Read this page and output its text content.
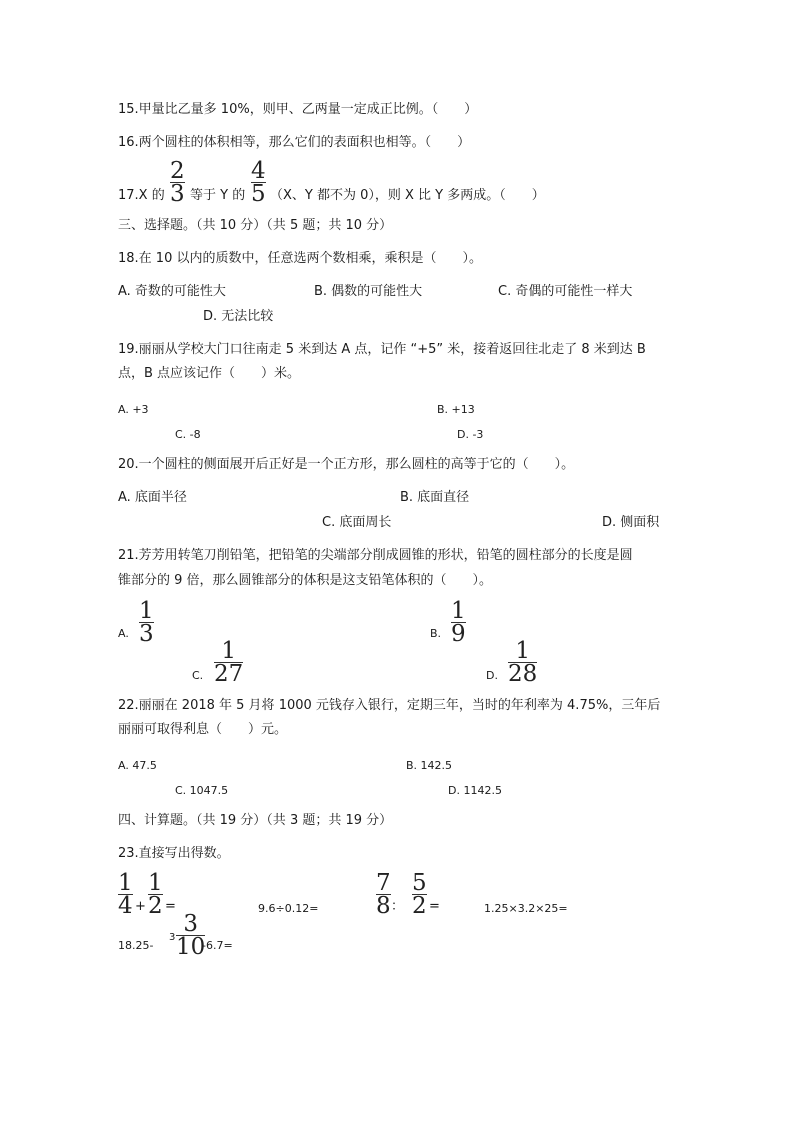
15.甲量比乙量多 10%，则甲、乙两量一定成正比例。（　　）
16.两个圆柱的体积相等，那么它们的表面积也相等。（　　）
17.X 的
2
3 等于 Y 的
4
5 （X、Y 都不为 0），则 X 比 Y 多两成。（　　）
三、选择题。（共 10 分）（共 5 题；共 10 分）
18.在 10 以内的质数中，任意选两个数相乘，乘积是（　　）。
A. 奇数的可能性大	B. 偶数的可能性大	C. 奇偶的可能性一样大
D. 无法比较
19.丽丽从学校大门口往南走 5 米到达 A 点，记作 “+5” 米，接着返回往北走了 8 米到达 B
点，B 点应该记作（　　）米。
A. +3	B. +13
C. -8	D. -3
20.一个圆柱的侧面展开后正好是一个正方形，那么圆柱的高等于它的（　　）。
A. 底面半径	B. 底面直径
C. 底面周长	D. 侧面积
21.芳芳用转笔刀削铅笔，把铅笔的尖端部分削成圆锥的形状，铅笔的圆柱部分的长度是圆
锥部分的 9 倍，那么圆锥部分的体积是这支铅笔体积的（　　）。
A.
1
3	B.
1
9
C.
1
27	D.
1
28
22.丽丽在 2018 年 5 月将 1000 元钱存入银行，定期三年，当时的年利率为 4.75%，三年后
丽丽可取得利息（　　）元。
A. 47.5	B. 142.5
C. 1047.5	D. 1142.5
四、计算题。（共 19 分）（共 3 题；共 19 分）
23.直接写出得数。
1
4 +
1
2 =	9.6÷0.12=
7
8 ：
5
2 =	1.25×3.2×25=
18.25-
3
3
10
-6.7=
